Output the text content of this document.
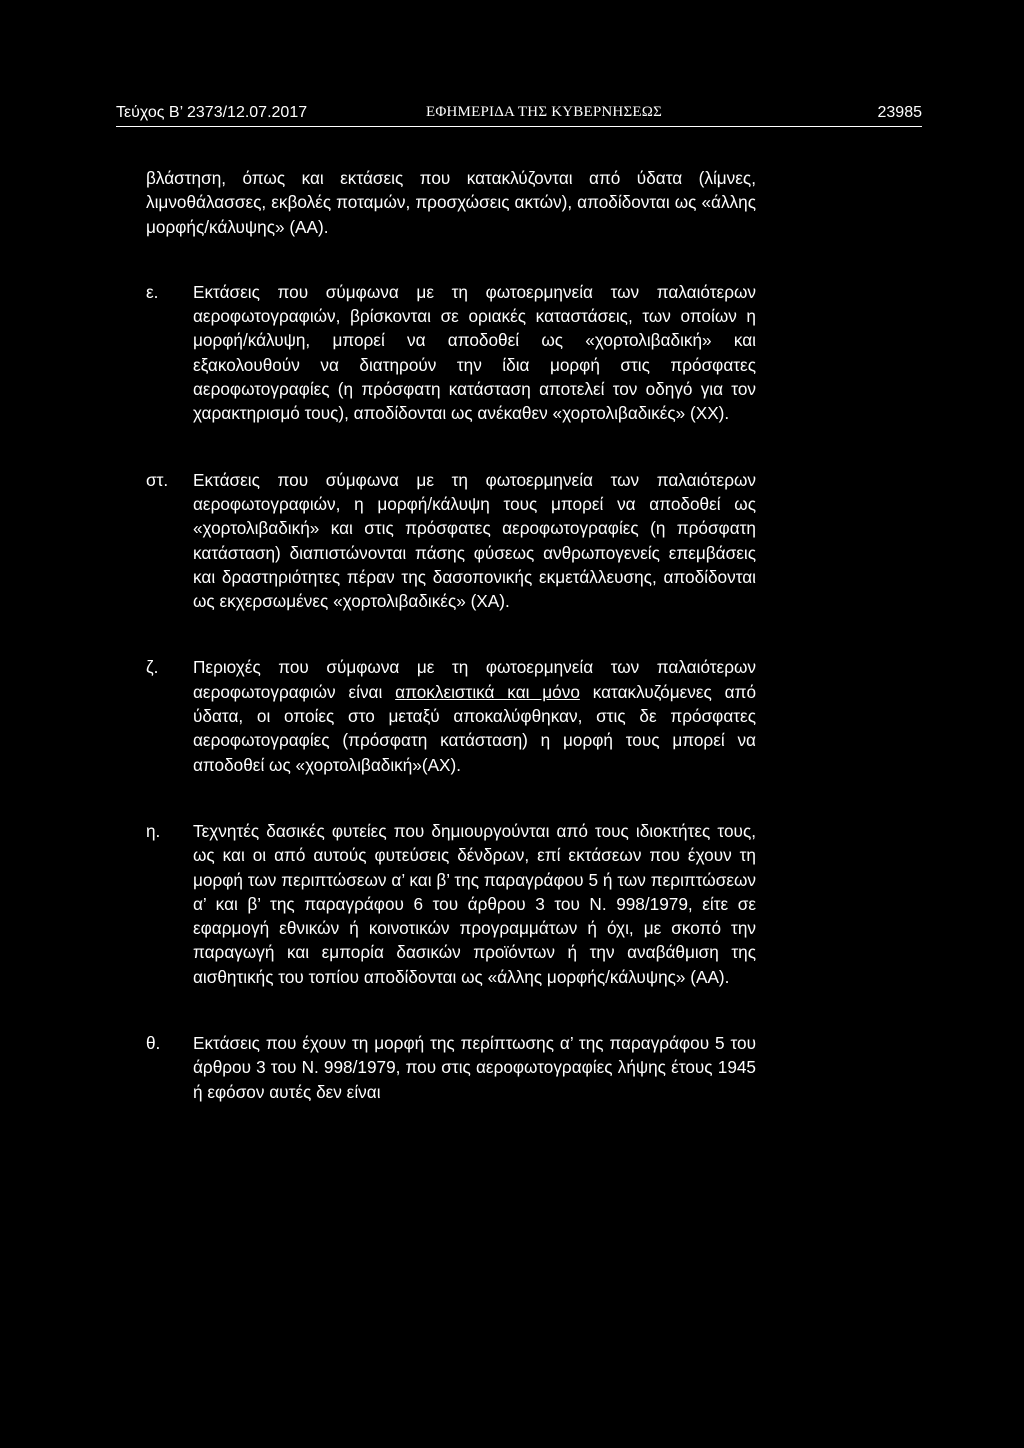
Τεύχος Β’ 2373/12.07.2017	ΕΦΗΜΕΡΙΔΑ ΤΗΣ ΚΥΒΕΡΝΗΣΕΩΣ	23985

βλάστηση, όπως και εκτάσεις που κατακλύζονται από ύδατα (λίμνες, λιμνοθάλασσες, εκβολές ποταμών, προσχώσεις ακτών), αποδίδονται ως «άλλης μορφής/κάλυψης» (ΑΑ).

ε. Εκτάσεις που σύμφωνα με τη φωτοερμηνεία των παλαιότερων αεροφωτογραφιών, βρίσκονται σε οριακές καταστάσεις, των οποίων η μορφή/κάλυψη, μπορεί να αποδοθεί ως «χορτολιβαδική» και εξακολουθούν να διατηρούν την ίδια μορφή στις πρόσφατες αεροφωτογραφίες (η πρόσφατη κατάσταση αποτελεί τον οδηγό για τον χαρακτηρισμό τους), αποδίδονται ως ανέκαθεν «χορτολιβαδικές» (ΧΧ).
στ. Εκτάσεις που σύμφωνα με τη φωτοερμηνεία των παλαιότερων αεροφωτογραφιών, η μορφή/κάλυψη τους μπορεί να αποδοθεί ως «χορτολιβαδική» και στις πρόσφατες αεροφωτογραφίες (η πρόσφατη κατάσταση) διαπιστώνονται πάσης φύσεως ανθρωπογενείς επεμβάσεις και δραστηριότητες πέραν της δασοπονικής εκμετάλλευσης, αποδίδονται ως εκχερσωμένες «χορτολιβαδικές» (ΧΑ).
ζ. Περιοχές που σύμφωνα με τη φωτοερμηνεία των παλαιότερων αεροφωτογραφιών είναι αποκλειστικά και μόνο κατακλυζόμενες από ύδατα, οι οποίες στο μεταξύ αποκαλύφθηκαν, στις δε πρόσφατες αεροφωτογραφίες (πρόσφατη κατάσταση) η μορφή τους μπορεί να αποδοθεί ως «χορτολιβαδική»(ΑΧ).
η. Τεχνητές δασικές φυτείες που δημιουργούνται από τους ιδιοκτήτες τους, ως και οι από αυτούς φυτεύσεις δένδρων, επί εκτάσεων που έχουν τη μορφή των περιπτώσεων α’ και β’ της παραγράφου 5 ή των περιπτώσεων α’ και β’ της παραγράφου 6 του άρθρου 3 του Ν. 998/1979, είτε σε εφαρμογή εθνικών ή κοινοτικών προγραμμάτων ή όχι, με σκοπό την παραγωγή και εμπορία δασικών προϊόντων ή την αναβάθμιση της αισθητικής του τοπίου αποδίδονται ως «άλλης μορφής/κάλυψης» (ΑΑ).
θ. Εκτάσεις που έχουν τη μορφή της περίπτωσης α’ της παραγράφου 5 του άρθρου 3 του Ν. 998/1979, που στις αεροφωτογραφίες λήψης έτους 1945 ή εφόσον αυτές δεν είναι
